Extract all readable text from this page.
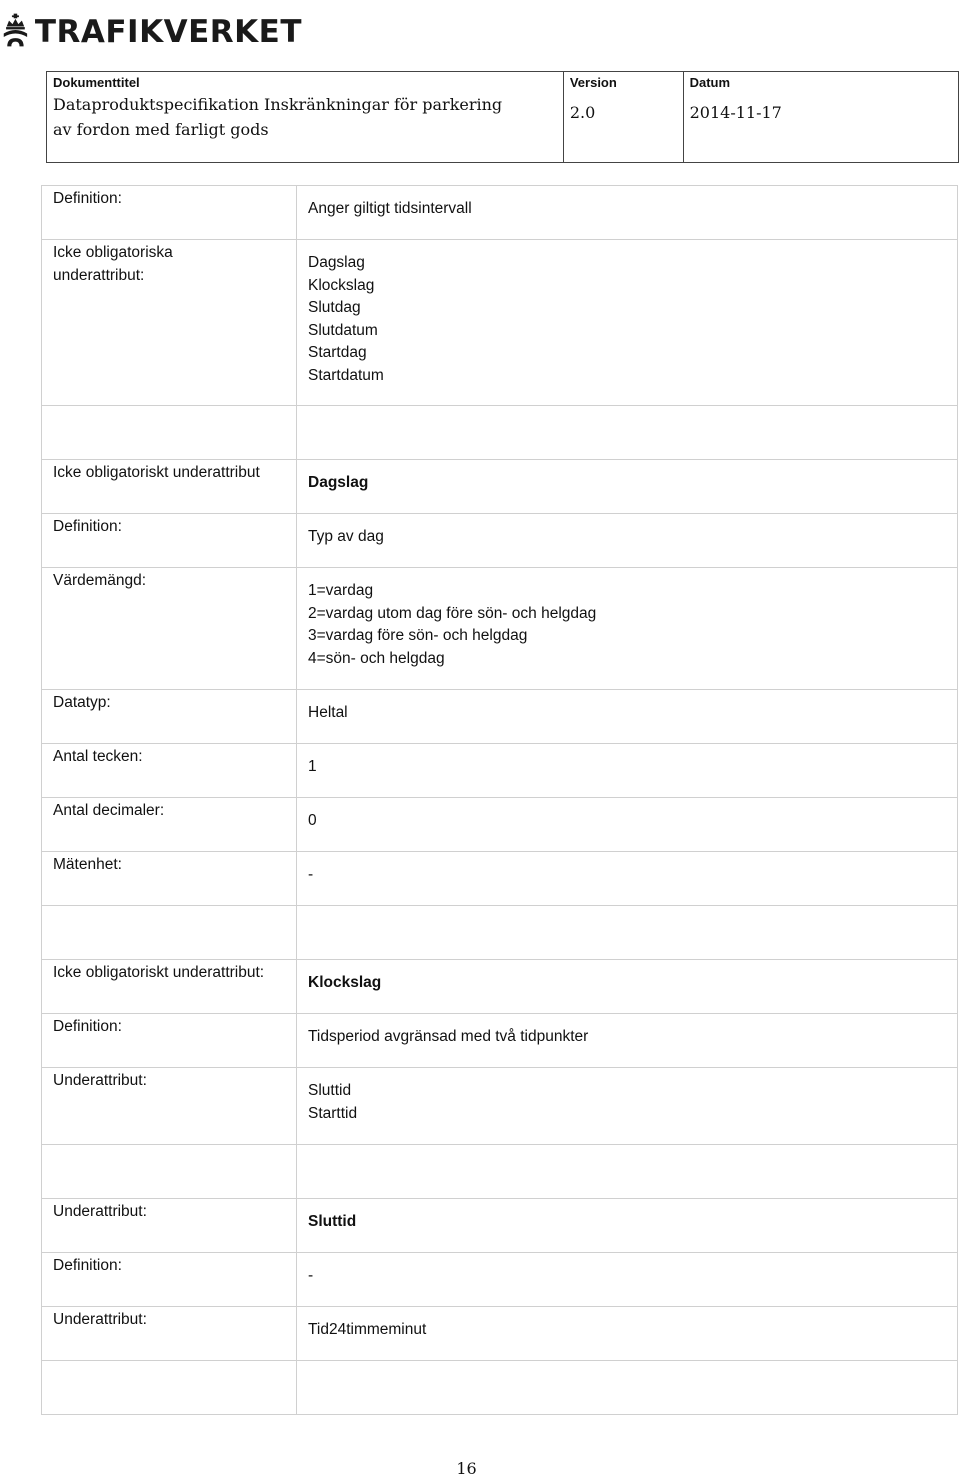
TRAFIKVERKET
Dokumenttitel
Dataproduktspecifikation Inskränkningar för parkering
av fordon med farligt gods
Version
2.0
Datum
2014-11-17
Definition:
Anger giltigt tidsintervall
Icke obligatoriska
underattribut:
Dagslag
Klockslag
Slutdag
Slutdatum
Startdag
Startdatum
Icke obligatoriskt underattribut
Dagslag
Definition:
Typ av dag
Värdemängd:
1=vardag
2=vardag utom dag före sön- och helgdag
3=vardag före sön- och helgdag
4=sön- och helgdag
Datatyp:
Heltal
Antal tecken:
1
Antal decimaler:
0
Mätenhet:
-
Icke obligatoriskt underattribut:
Klockslag
Definition:
Tidsperiod avgränsad med två tidpunkter
Underattribut:
Sluttid
Starttid
Underattribut:
Sluttid
Definition:
-
Underattribut:
Tid24timmeminut
16
